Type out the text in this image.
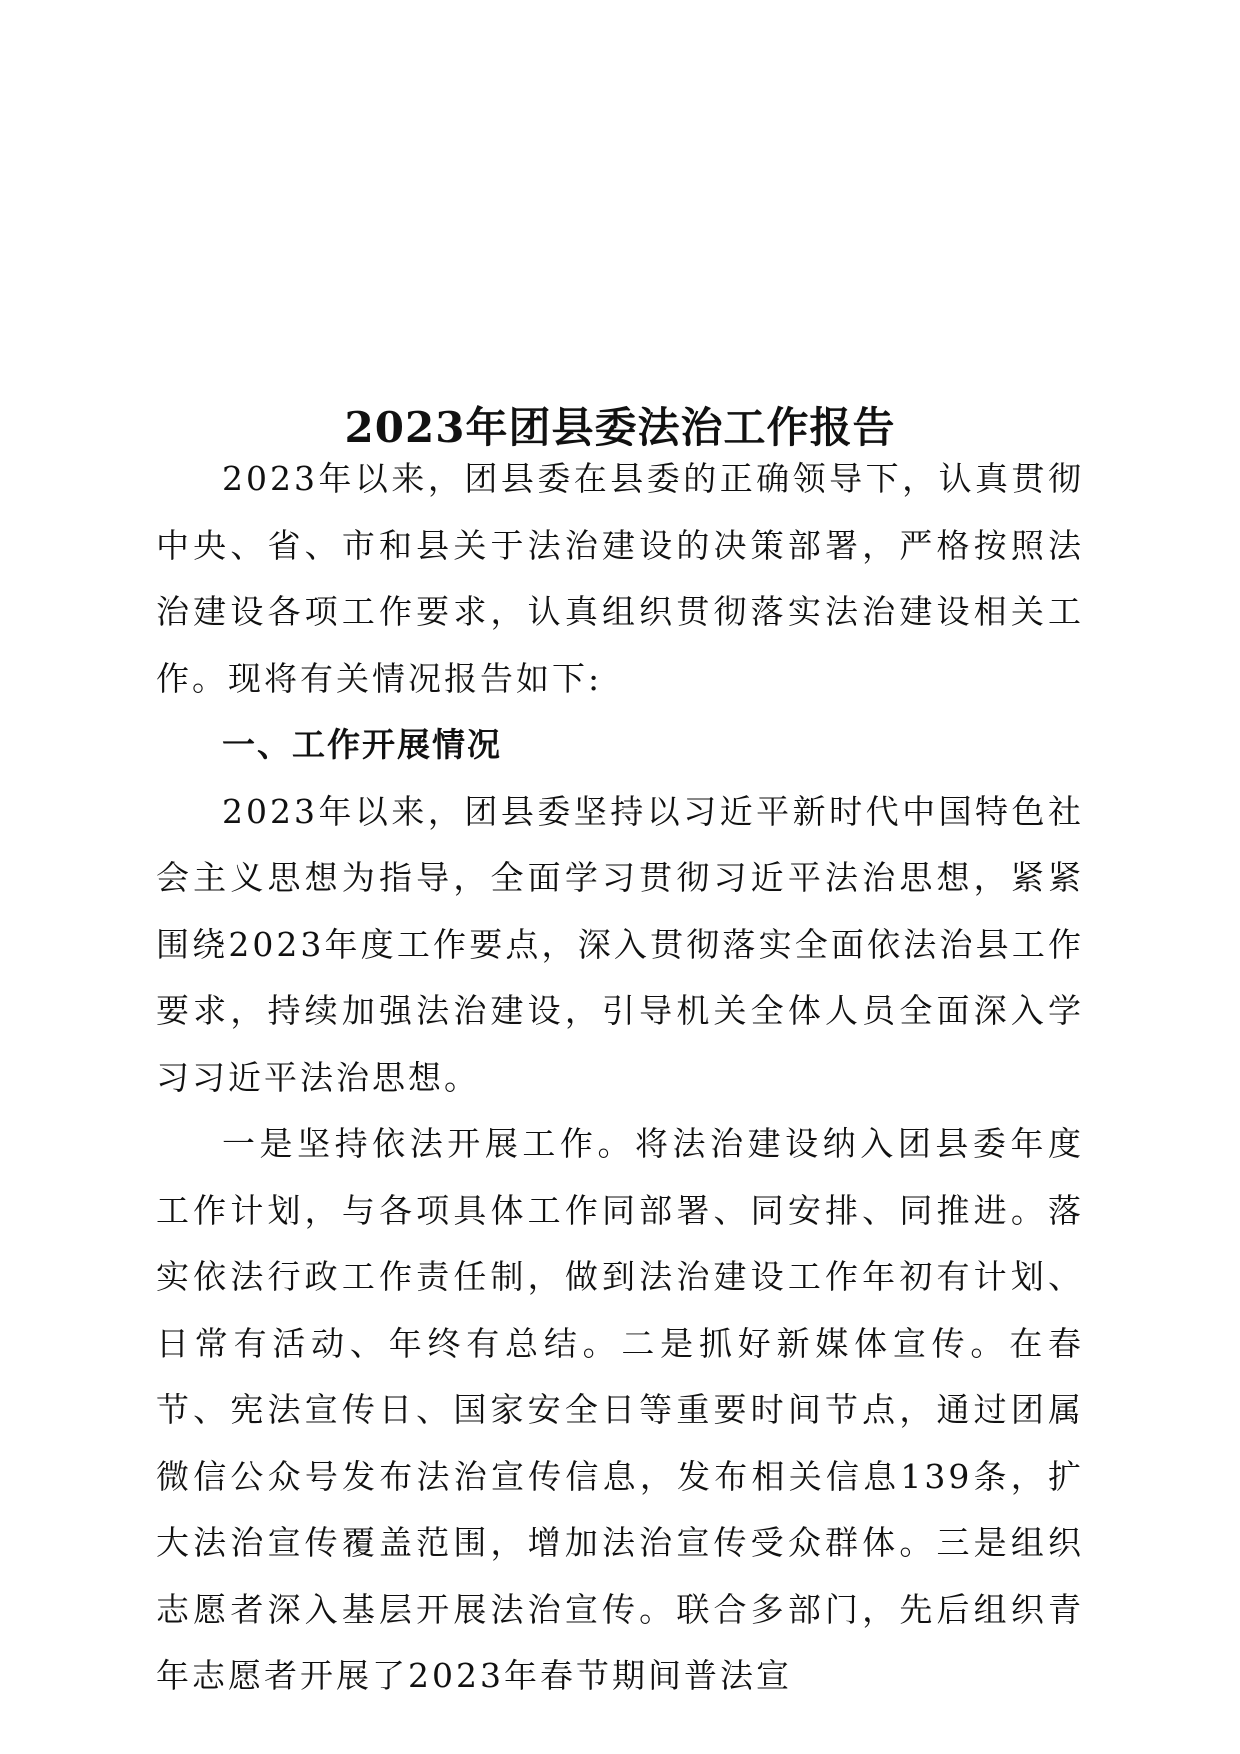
2023年团县委法治工作报告

2023年以来，团县委在县委的正确领导下，认真贯彻中央、省、市和县关于法治建设的决策部署，严格按照法治建设各项工作要求，认真组织贯彻落实法治建设相关工作。现将有关情况报告如下:

一、工作开展情况

2023年以来，团县委坚持以习近平新时代中国特色社会主义思想为指导，全面学习贯彻习近平法治思想，紧紧围绕2023年度工作要点，深入贯彻落实全面依法治县工作要求，持续加强法治建设，引导机关全体人员全面深入学习习近平法治思想。

一是坚持依法开展工作。将法治建设纳入团县委年度工作计划，与各项具体工作同部署、同安排、同推进。落实依法行政工作责任制，做到法治建设工作年初有计划、日常有活动、年终有总结。二是抓好新媒体宣传。在春节、宪法宣传日、国家安全日等重要时间节点，通过团属微信公众号发布法治宣传信息，发布相关信息139条，扩大法治宣传覆盖范围，增加法治宣传受众群体。三是组织志愿者深入基层开展法治宣传。联合多部门，先后组织青年志愿者开展了2023年春节期间普法宣
